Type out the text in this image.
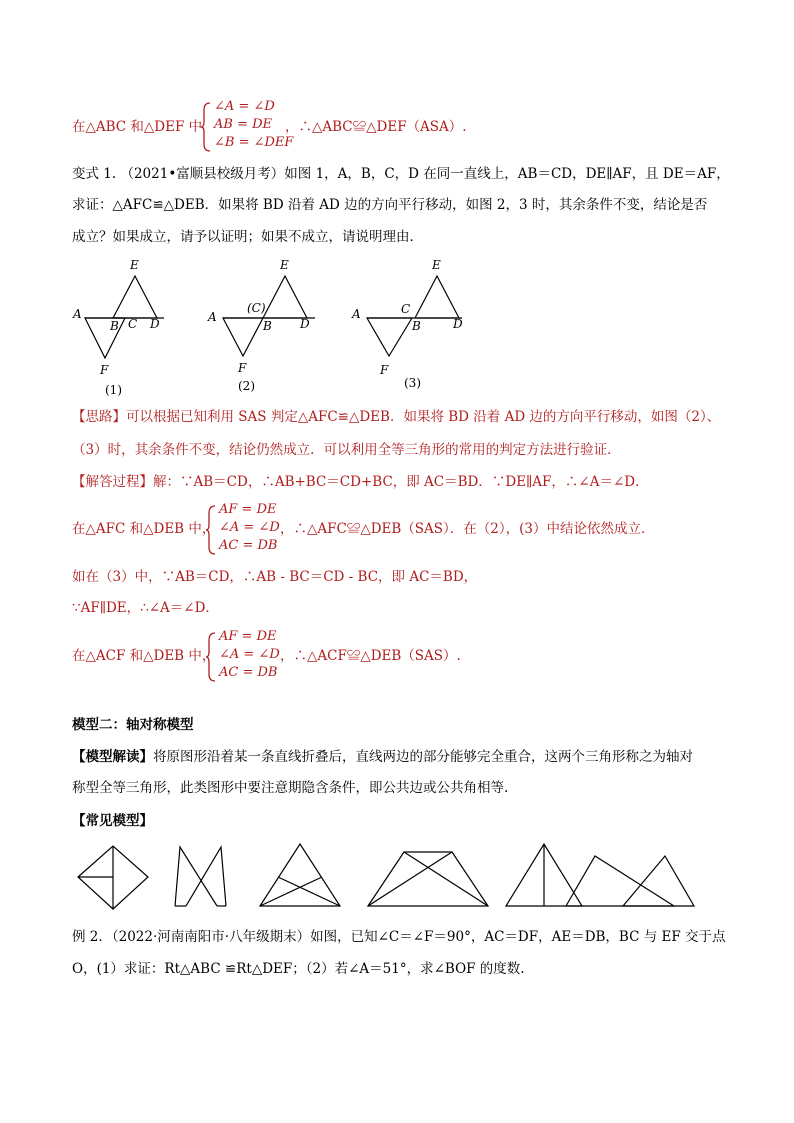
在△ABC 和△DEF 中
∠A = ∠D
AB = DE
∠B = ∠DEF
，∴△ABC≌△DEF（ASA）.
变式 1. （2021•富顺县校级月考）如图 1，A，B，C，D 在同一直线上，AB＝CD，DE∥AF，且 DE＝AF，
求证：△AFC≌△DEB．如果将 BD 沿着 AD 边的方向平行移动，如图 2，3 时，其余条件不变，结论是否
成立？如果成立，请予以证明；如果不成立，请说明理由．
E
A
B C D
F
(1)
E
A
(C)
B D
F
(2)
E
A	C
B	D
F
(3)
【思路】可以根据已知利用 SAS 判定△AFC≌△DEB．如果将 BD 沿着 AD 边的方向平行移动，如图（2）、
（3）时，其余条件不变，结论仍然成立．可以利用全等三角形的常用的判定方法进行验证．
【解答过程】解：∵AB＝CD，∴AB+BC＝CD+BC，即 AC＝BD．∵DE∥AF，∴∠A＝∠D．
在△AFC 和△DEB 中，
AF = DE
∠A = ∠D
AC = DB
，∴△AFC≌△DEB（SAS）．在（2），(3）中结论依然成立．
如在（3）中，∵AB＝CD，∴AB - BC＝CD - BC，即 AC＝BD，
∵AF∥DE，∴∠A＝∠D．
在△ACF 和△DEB 中，
AF = DE
∠A = ∠D
AC = DB
，∴△ACF≌△DEB（SAS）.
模型二：轴对称模型
【模型解读】将原图形沿着某一条直线折叠后，直线两边的部分能够完全重合，这两个三角形称之为轴对
称型全等三角形，此类图形中要注意期隐含条件，即公共边或公共角相等.
【常见模型】
例 2．（2022·河南南阳市·八年级期末）如图，已知∠C＝∠F＝90°，AC＝DF，AE＝DB，BC 与 EF 交于点
O，(1）求证：Rt△ABC ≌Rt△DEF；（2）若∠A＝51°，求∠BOF 的度数.
